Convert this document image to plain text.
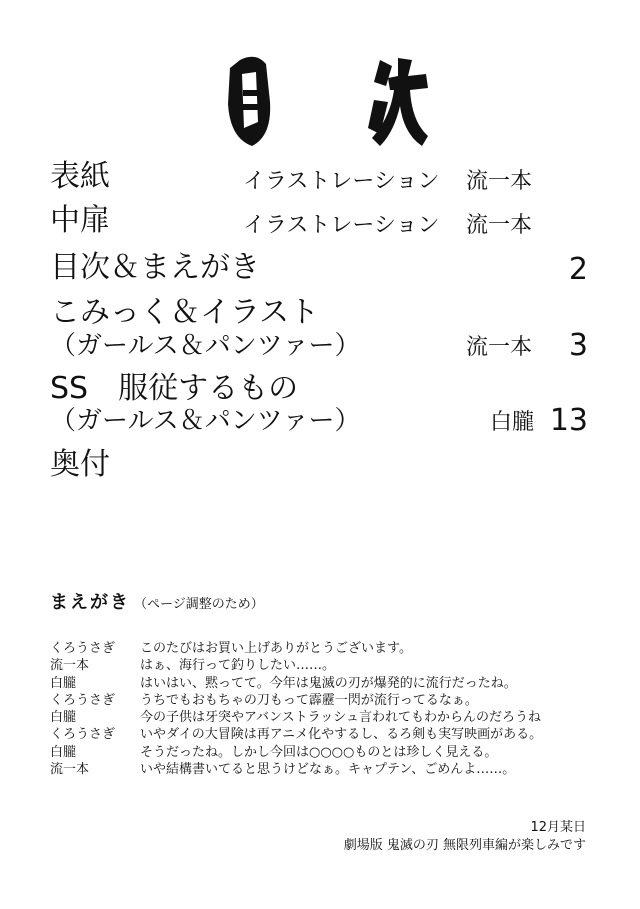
表紙	イラストレーション 流一本
中扉	イラストレーション 流一本
目次＆まえがき	2
こみっく＆イラスト
（ガールス＆パンツァー）	流一本 3
SS　服従するもの
（ガールス＆パンツァー）	白朧 13
奥付
まえがき （ページ調整のため）
くろうさぎ このたびはお買い上げありがとうございます。
流一本	はぁ、海行って釣りしたい……。
白朧	はいはい、黙ってて。今年は鬼滅の刃が爆発的に流行だったね。
くろうさぎ うちでもおもちゃの刀もって霹靂一閃が流行ってるなぁ。
白朧	今の子供は牙突やアバンストラッシュ言われてもわからんのだろうね
くろうさぎ いやダイの大冒険は再アニメ化やするし、るろ剣も実写映画がある。
白朧	そうだったね。しかし今回は○○○○ものとは珍しく見える。
流一本	いや結構書いてると思うけどなぁ。キャプテン、ごめんよ……。
12月某日
劇場版 鬼滅の刃 無限列車編が楽しみです
